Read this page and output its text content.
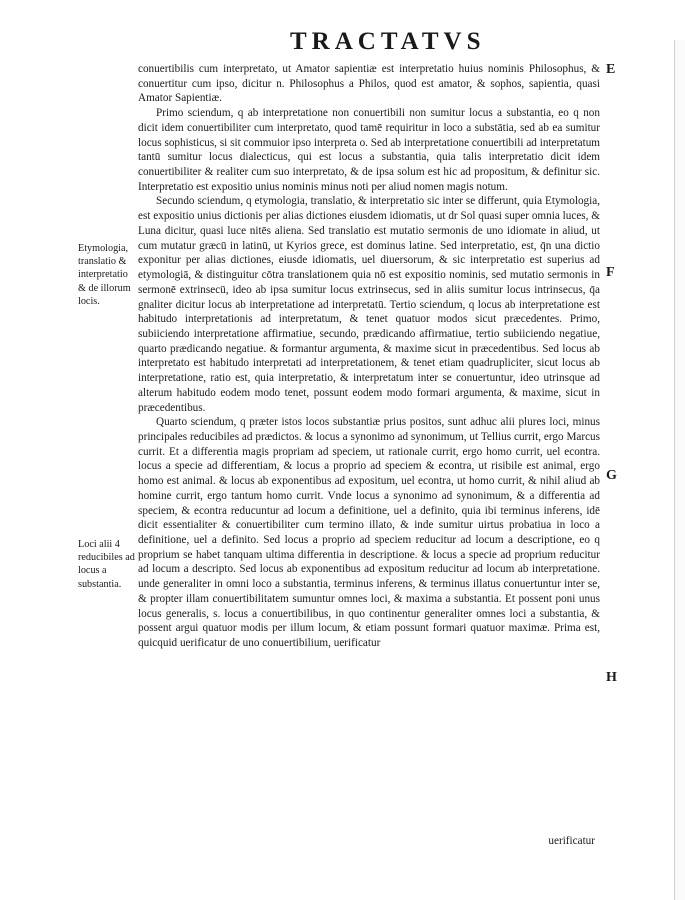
TRACTATVS
E
F
G
H
Etymologia, translatio & interpretatio & de illorum locis.
Loci alii 4 reducibiles ad locus a substantia.

conuertibilis cum interpretato, ut Amator sapientiæ est interpretatio huius nominis Philosophus, & conuertitur cum ipso, dicitur n. Philosophus a Philos, quod est amator, & sophos, sapientia, quasi Amator Sapientiæ.

Primo sciendum, q ab interpretatione non conuertibili non sumitur locus a substantia, eo q non dicit idem conuertibiliter cum interpretato, quod tamē requiritur in loco a substātia, sed ab ea sumitur locus sophisticus, si sit commuior ipso interpreta o. Sed ab interpretatione conuertibili ad interpretatum tantū sumitur locus dialecticus, qui est locus a substantia, quia talis interpretatio dicit idem conuertibiliter & realiter cum suo interpretato, & de ipsa solum est hic ad propositum, & definitur sic. Interpretatio est expositio unius nominis minus noti per aliud nomen magis notum.

Secundo sciendum, q etymologia, translatio, & interpretatio sic inter se differunt, quia Etymologia, est expositio unius dictionis per alias dictiones eiusdem idiomatis, ut dr Sol quasi super omnia luces, & Luna dicitur, quasi luce nitēs aliena. Sed translatio est mutatio sermonis de uno idiomate in aliud, ut cum mutatur græcū in latinū, ut Kyrios grece, est dominus latine. Sed interpretatio, est, q̄n una dictio exponitur per alias dictiones, eiusde idiomatis, uel diuersorum, & sic interpretatio est superius ad etymologiā, & distinguitur cōtra translationem quia nō est expositio nominis, sed mutatio sermonis in sermonē extrinsecū, ideo ab ipsa sumitur locus extrinsecus, sed in aliis sumitur locus intrinsecus, q̄a gnaliter dicitur locus ab interpretatione ad interpretatū. Tertio sciendum, q locus ab interpretatione est habitudo interpretationis ad interpretatum, & tenet quatuor modos sicut præcedentes. Primo, subiiciendo interpretatione affirmatiue, secundo, prædicando affirmatiue, tertio subiiciendo negatiue, quarto prædicando negatiue. & formantur argumenta, & maxime sicut in præcedentibus. Sed locus ab interpretato est habitudo interpretati ad interpretationem, & tenet etiam quadrupliciter, sicut locus ab interpretatione, ratio est, quia interpretatio, & interpretatum inter se conuertuntur, ideo utrinsque ad alterum habitudo eodem modo tenet, possunt eodem modo formari argumenta, & maxime, sicut in præcedentibus.

Quarto sciendum, q præter istos locos substantiæ prius positos, sunt adhuc alii plures loci, minus principales reducibiles ad prædictos. & locus a synonimo ad synonimum, ut Tellius currit, ergo Marcus currit. Et a differentia magis propriam ad speciem, ut rationale currit, ergo homo currit, uel econtra. locus a specie ad differentiam, & locus a proprio ad speciem & econtra, ut risibile est animal, ergo homo est animal. & locus ab exponentibus ad expositum, uel econtra, ut homo currit, & nihil aliud ab homine currit, ergo tantum homo currit. Vnde locus a synonimo ad synonimum, & a differentia ad speciem, & econtra reducuntur ad locum a definitione, uel a definito, quia ibi terminus inferens, idē dicit essentialiter & conuertibiliter cum termino illato, & inde sumitur uirtus probatiua in loco a definitione, uel a definito. Sed locus a proprio ad speciem reducitur ad locum a descriptione, eo q proprium se habet tanquam ultima differentia in descriptione. & locus a specie ad proprium reducitur ad locum a descripto. Sed locus ab exponentibus ad expositum reducitur ad locum ab interpretatione. unde generaliter in omni loco a substantia, terminus inferens, & terminus illatus conuertuntur inter se, & propter illam conuertibilitatem sumuntur omnes loci, & maxima a substantia. Et possent poni unus locus generalis, s. locus a conuertibilibus, in quo continentur generaliter omnes loci a substantia, & possent argui quatuor modis per illum locum, & etiam possunt formari quatuor maximæ. Prima est, quicquid uerificatur de uno conuertibilium, uerificatur

uerificatur
